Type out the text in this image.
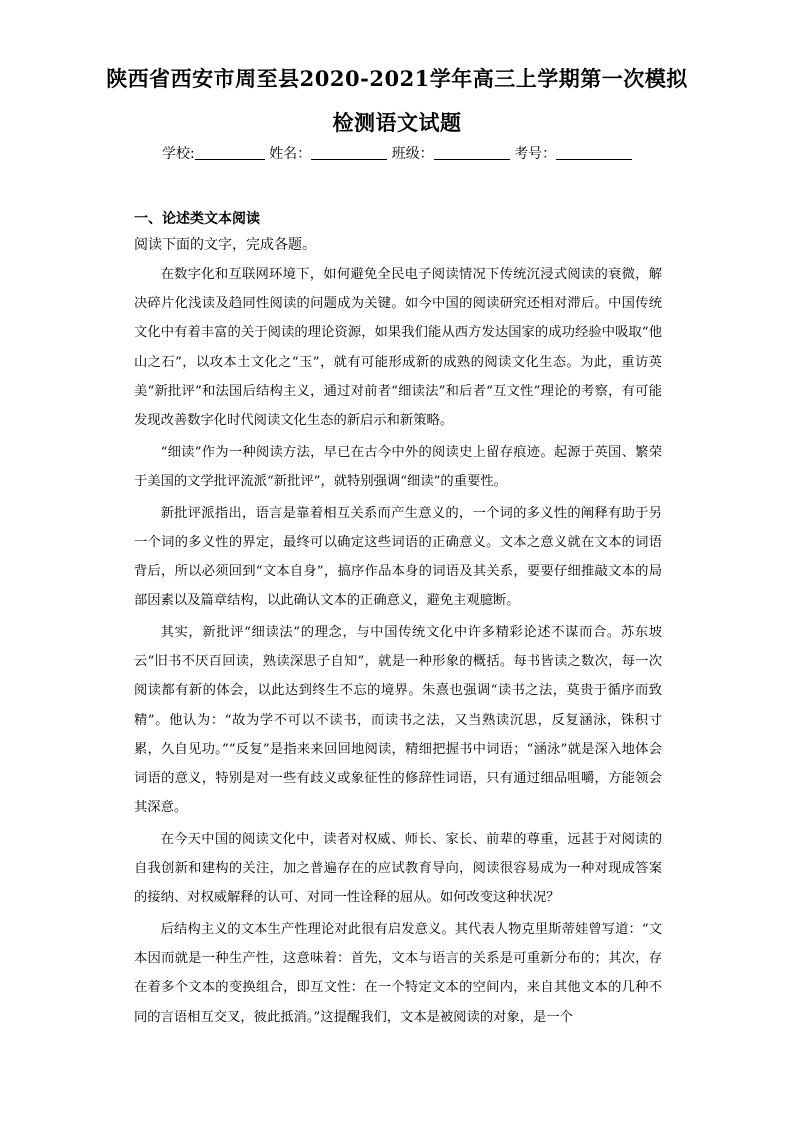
陕西省西安市周至县2020-2021学年高三上学期第一次模拟
检测语文试题
学校:	姓名：	班级：	考号：
一、论述类文本阅读
阅读下面的文字，完成各题。

在数字化和互联网环境下，如何避免全民电子阅读情况下传统沉浸式阅读的衰微，解决碎片化浅读及趋同性阅读的问题成为关键。如今中国的阅读研究还相对滞后。中国传统文化中有着丰富的关于阅读的理论资源，如果我们能从西方发达国家的成功经验中吸取“他山之石”，以攻本土文化之“玉”，就有可能形成新的成熟的阅读文化生态。为此，重访英美“新批评”和法国后结构主义，通过对前者“细读法”和后者“互文性”理论的考察，有可能发现改善数字化时代阅读文化生态的新启示和新策略。

“细读”作为一种阅读方法，早已在古今中外的阅读史上留存痕迹。起源于英国、繁荣于美国的文学批评流派“新批评”，就特别强调“细读”的重要性。

新批评派指出，语言是靠着相互关系而产生意义的，一个词的多义性的阐释有助于另一个词的多义性的界定，最终可以确定这些词语的正确意义。文本之意义就在文本的词语背后，所以必须回到“文本自身”，搞序作品本身的词语及其关系，要要仔细推敲文本的局部因素以及篇章结构，以此确认文本的正确意义，避免主观臆断。

其实，新批评“细读法”的理念，与中国传统文化中许多精彩论述不谋而合。苏东坡云“旧书不厌百回读，熟读深思子自知”，就是一种形象的概括。每书皆读之数次，每一次阅读都有新的体会，以此达到终生不忘的境界。朱熹也强调“读书之法，莫贵于循序而致精”。他认为：“故为学不可以不读书，而读书之法，又当熟读沉思，反复涵泳，铢积寸累，久自见功。”“反复”是指来来回回地阅读，精细把握书中词语；“涵泳”就是深入地体会词语的意义，特别是对一些有歧义或象征性的修辞性词语，只有通过细品咀嚼，方能领会其深意。

在今天中国的阅读文化中，读者对权威、师长、家长、前辈的尊重，远甚于对阅读的自我创新和建构的关注，加之普遍存在的应试教育导向，阅读很容易成为一种对现成答案的接纳、对权威解释的认可、对同一性诠释的屈从。如何改变这种状况？

后结构主义的文本生产性理论对此很有启发意义。其代表人物克里斯蒂娃曾写道：“文本因而就是一种生产性，这意味着：首先，文本与语言的关系是可重新分布的；其次，存在着多个文本的变换组合，即互文性：在一个特定文本的空间内，来自其他文本的几种不同的言语相互交叉，彼此抵消。”这提醒我们，文本是被阅读的对象，是一个
